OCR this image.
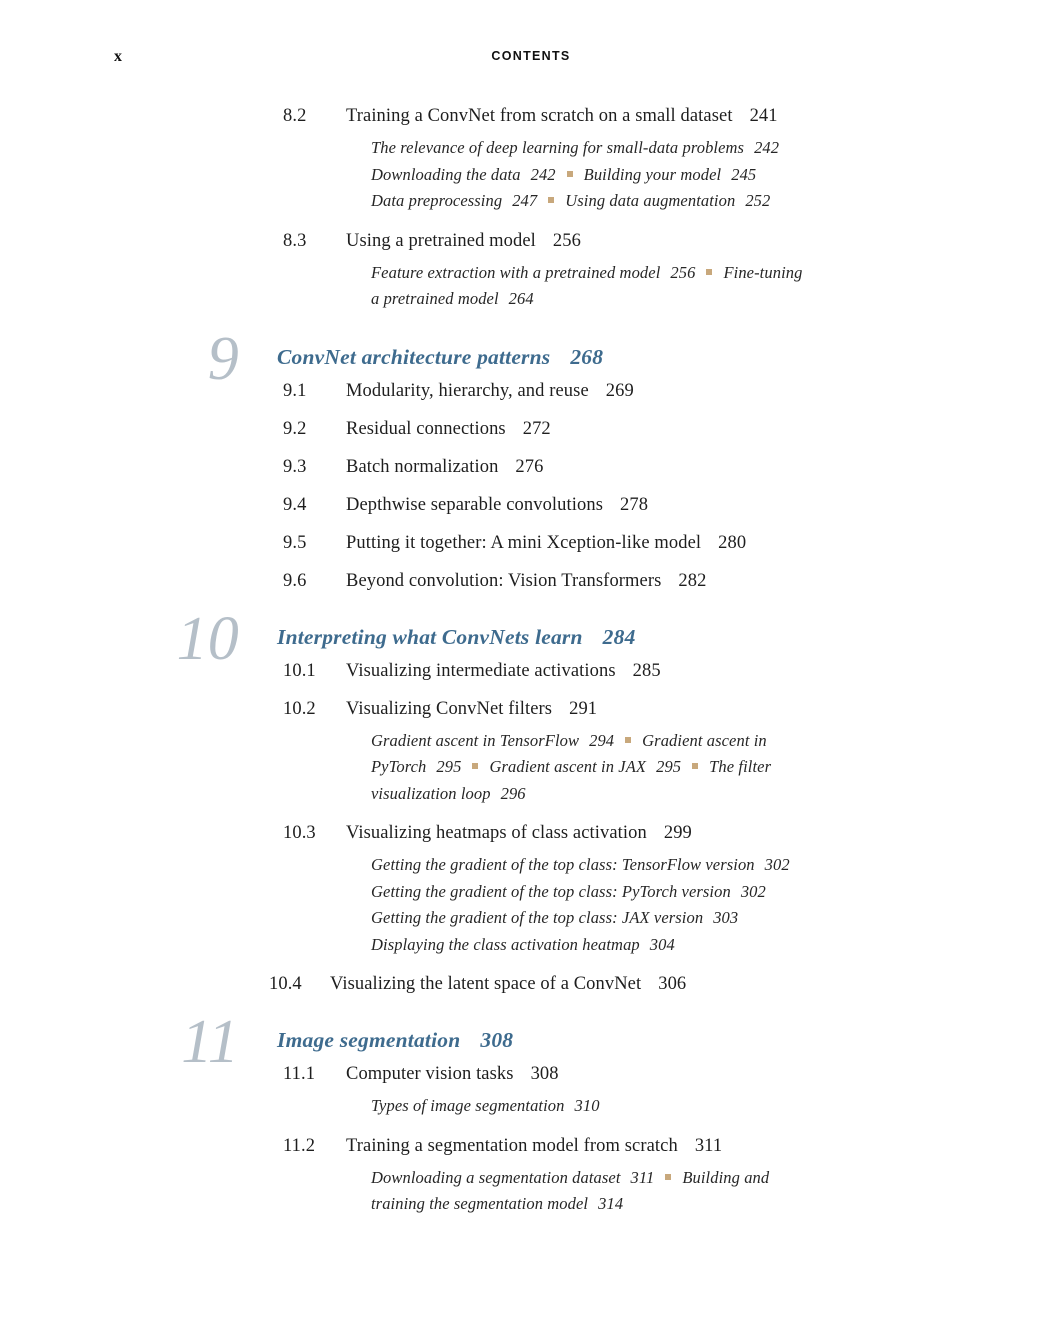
x	CONTENTS
8.2 Training a ConvNet from scratch on a small dataset 241
The relevance of deep learning for small-data problems 242
Downloading the data 242 Building your model 245
Data preprocessing 247 Using data augmentation 252
8.3 Using a pretrained model 256
Feature extraction with a pretrained model 256 Fine-tuning
a pretrained model 264
9 ConvNet architecture patterns 268
9.1 Modularity, hierarchy, and reuse 269
9.2 Residual connections 272
9.3 Batch normalization 276
9.4 Depthwise separable convolutions 278
9.5 Putting it together: A mini Xception-like model 280
9.6 Beyond convolution: Vision Transformers 282
10 Interpreting what ConvNets learn 284
10.1 Visualizing intermediate activations 285
10.2 Visualizing ConvNet filters 291
Gradient ascent in TensorFlow 294 Gradient ascent in
PyTorch 295 Gradient ascent in JAX 295 The filter
visualization loop 296
10.3 Visualizing heatmaps of class activation 299
Getting the gradient of the top class: TensorFlow version 302
Getting the gradient of the top class: PyTorch version 302
Getting the gradient of the top class: JAX version 303
Displaying the class activation heatmap 304
10.4 Visualizing the latent space of a ConvNet 306
11 Image segmentation 308
11.1 Computer vision tasks 308
Types of image segmentation 310
11.2 Training a segmentation model from scratch 311
Downloading a segmentation dataset 311 Building and
training the segmentation model 314
